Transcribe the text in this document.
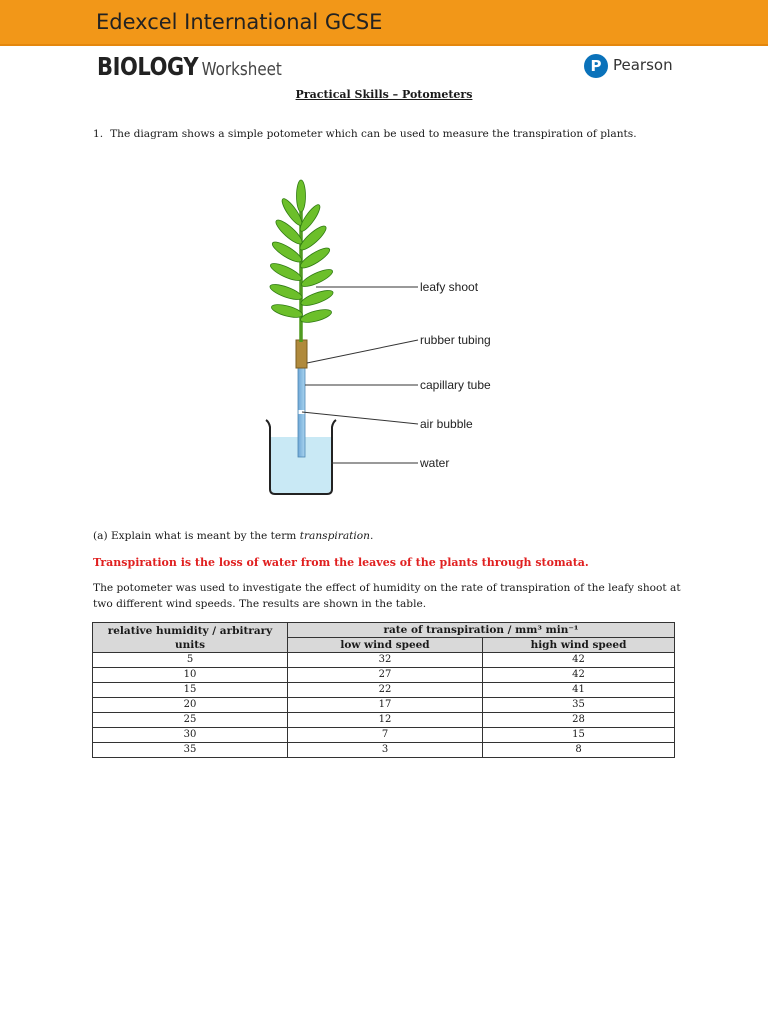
Edexcel International GCSE
BIOLOGY Worksheet	P Pearson
Practical Skills – Potometers
1. The diagram shows a simple potometer which can be used to measure the transpiration of plants.
leafy shoot
rubber tubing
capillary tube
air bubble
water
(a) Explain what is meant by the term transpiration.
Transpiration is the loss of water from the leaves of the plants through stomata.
The potometer was used to investigate the effect of humidity on the rate of transpiration of the leafy shoot at two different wind speeds. The results are shown in the table.
relative humidity / arbitrary units	rate of transpiration / mm³ min⁻¹	
	low wind speed	high wind speed
5	32	42
10	27	42
15	22	41
20	17	35
25	12	28
30	7	15
35	3	8
